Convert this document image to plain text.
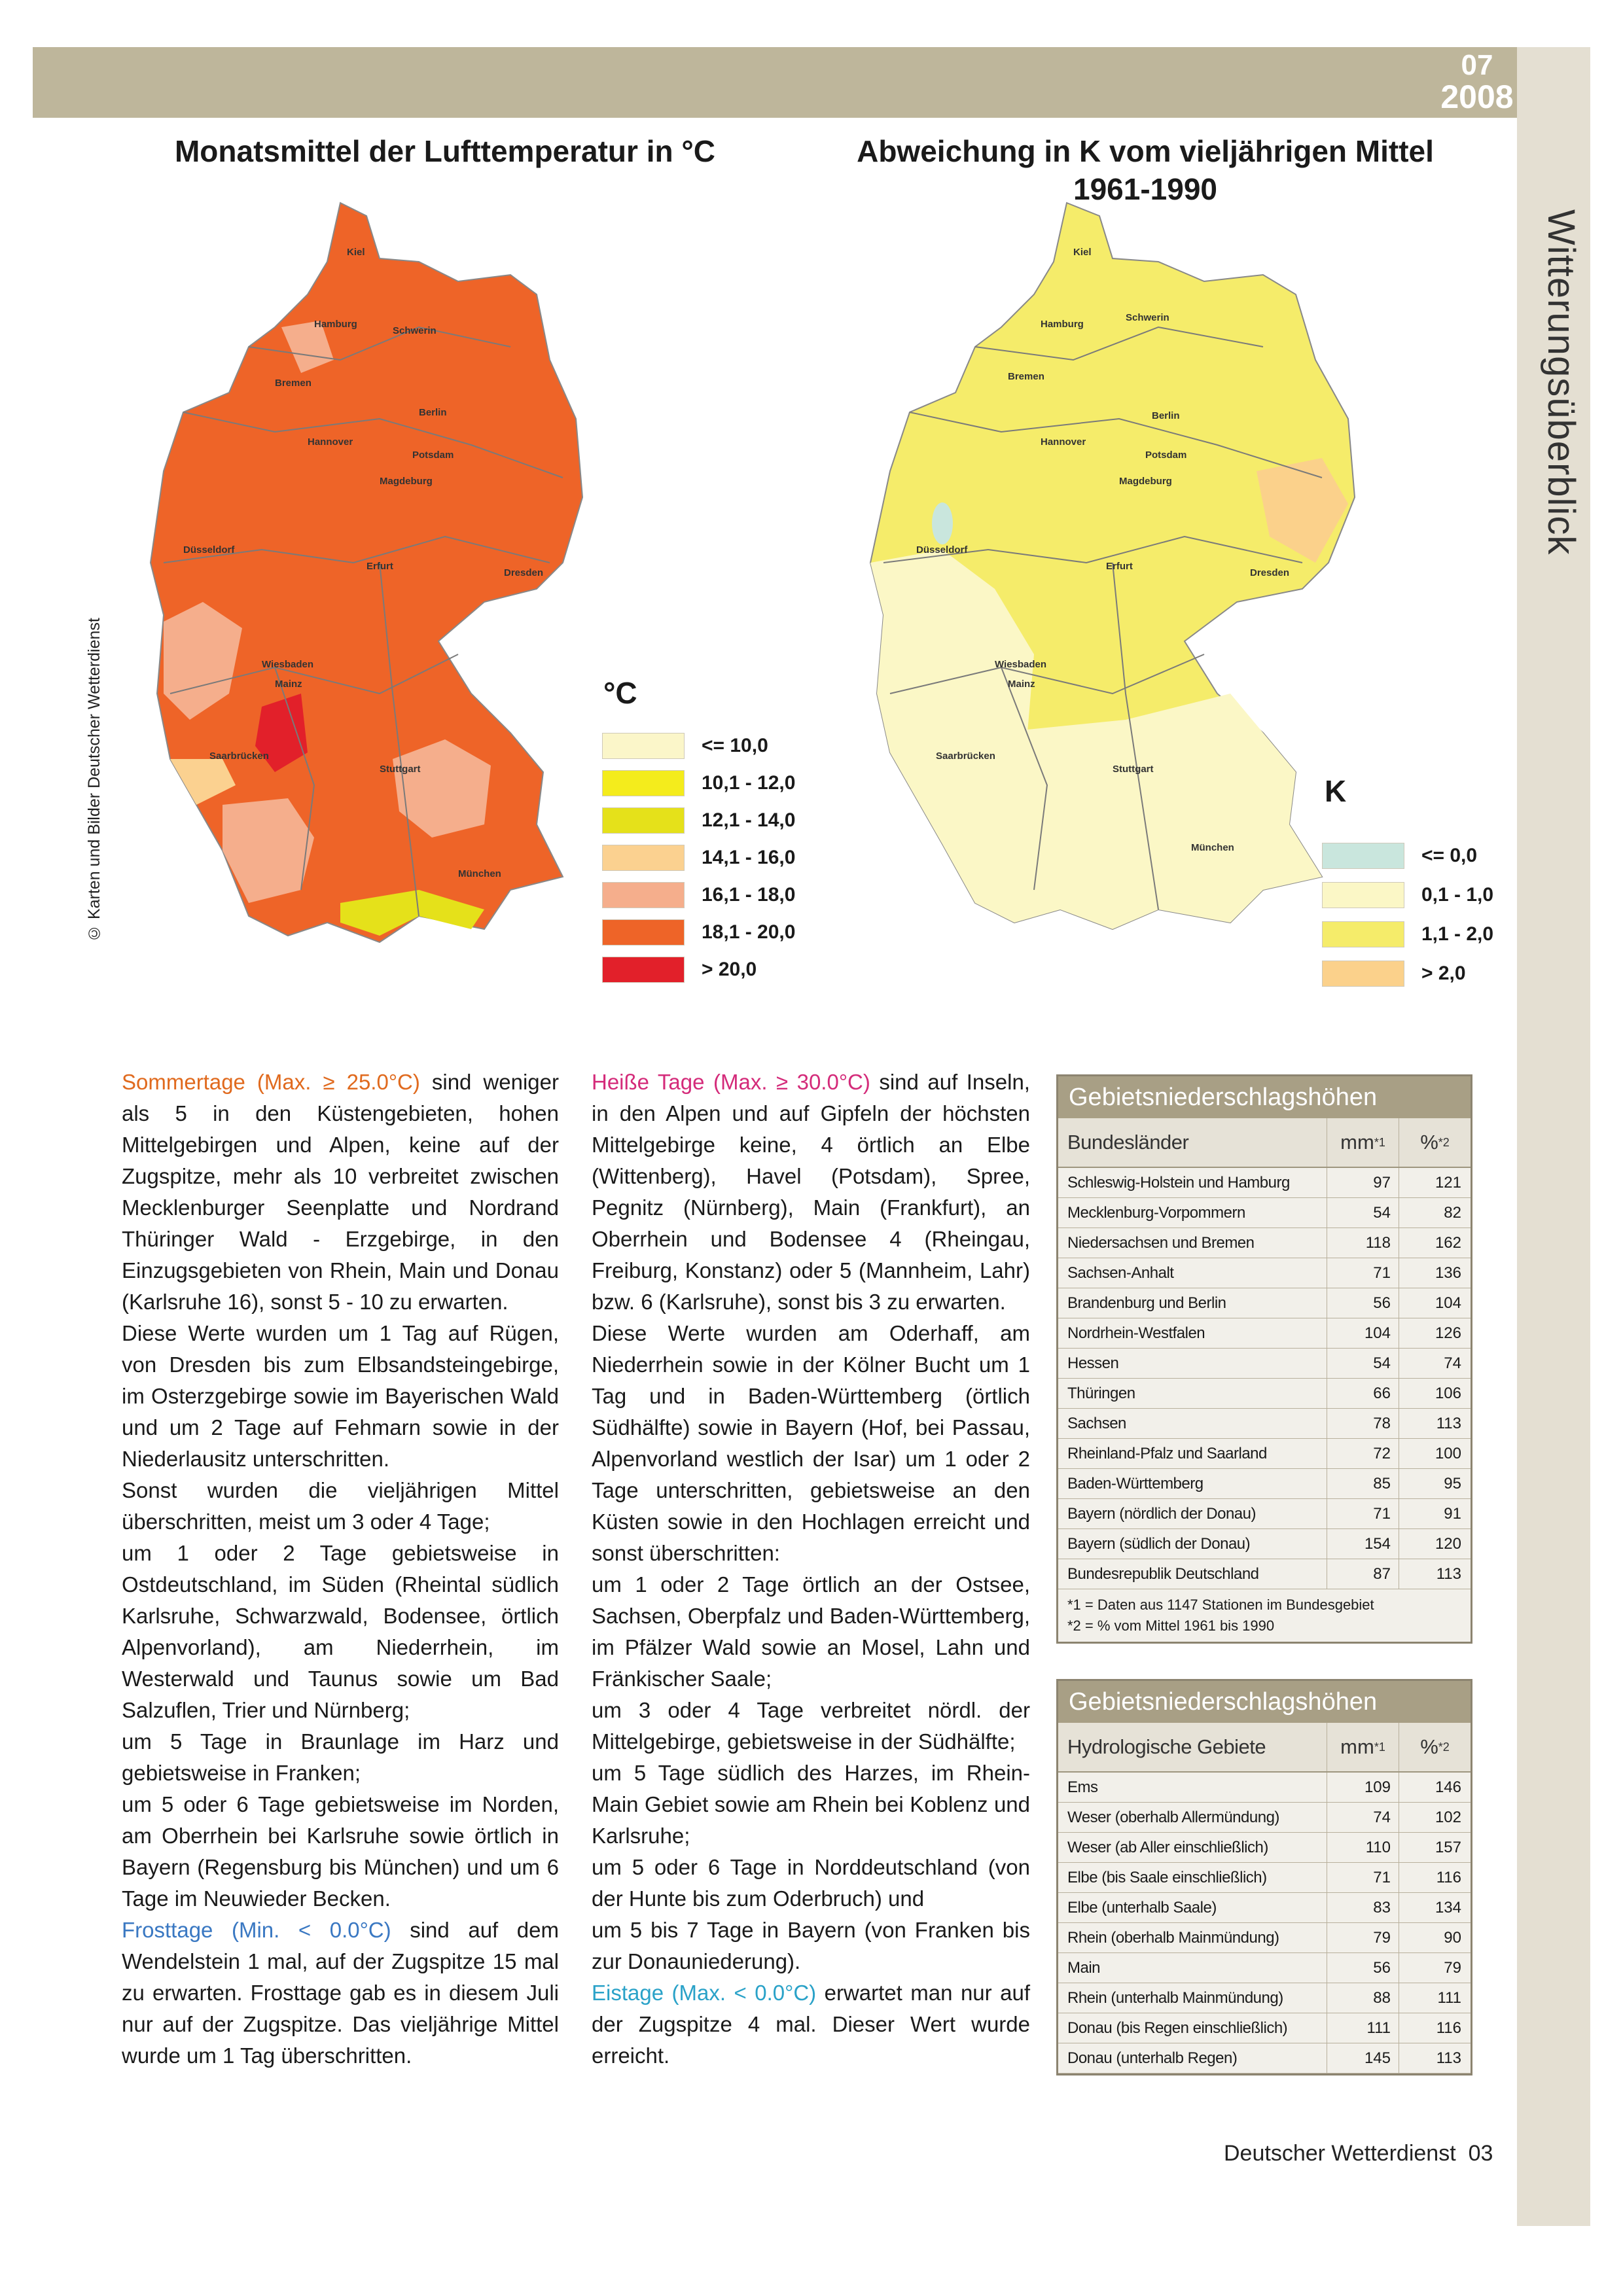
07
2008
Witterungsüberblick
© Karten und Bilder Deutscher Wetterdienst
Monatsmittel der Lufttemperatur in °C	Abweichung in K vom vieljährigen Mittel
1961-1990
Kiel
Hamburg
Schwerin
Bremen
Berlin
Hannover
Potsdam
Magdeburg
Düsseldorf
Erfurt
Dresden
Wiesbaden
Mainz
Saarbrücken
Stuttgart
München
°C
<= 10,0
10,1 - 12,0
12,1 - 14,0
14,1 - 16,0
16,1 - 18,0
18,1 - 20,0
> 20,0
Kiel
Hamburg
Schwerin
Bremen
Berlin
Hannover
Potsdam
Magdeburg
Düsseldorf
Erfurt
Dresden
Wiesbaden
Mainz
Saarbrücken
Stuttgart
München
K
<= 0,0
0,1 - 1,0
1,1 - 2,0
> 2,0

Sommertage (Max. ≥ 25.0°C) sind weniger als 5 in den Küstengebieten, hohen Mittelgebirgen und Alpen, keine auf der Zugspitze, mehr als 10 verbreitet zwischen Mecklenburger Seenplatte und Nordrand Thüringer Wald - Erzgebirge, in den Einzugsgebieten von Rhein, Main und Donau (Karlsruhe 16), sonst 5 - 10 zu erwarten.

Diese Werte wurden um 1 Tag auf Rügen, von Dresden bis zum Elbsandsteingebirge, im Osterzgebirge sowie im Bayerischen Wald und um 2 Tage auf Fehmarn sowie in der Niederlausitz unterschritten.

Sonst wurden die vieljährigen Mittel überschritten, meist um 3 oder 4 Tage;

um 1 oder 2 Tage gebietsweise in Ostdeutschland, im Süden (Rheintal südlich Karlsruhe, Schwarzwald, Bodensee, örtlich Alpenvorland), am Niederrhein, im Westerwald und Taunus sowie um Bad Salzuflen, Trier und Nürnberg;

um 5 Tage in Braunlage im Harz und gebietsweise in Franken;

um 5 oder 6 Tage gebietsweise im Norden, am Oberrhein bei Karlsruhe sowie örtlich in Bayern (Regensburg bis München) und um 6 Tage im Neuwieder Becken.

Frosttage (Min. < 0.0°C) sind auf dem Wendelstein 1 mal, auf der Zugspitze 15 mal zu erwarten. Frosttage gab es in diesem Juli nur auf der Zugspitze. Das vieljährige Mittel wurde um 1 Tag überschritten.

Heiße Tage (Max. ≥ 30.0°C) sind auf Inseln, in den Alpen und auf Gipfeln der höchsten Mittelgebirge keine, 4 örtlich an Elbe (Wittenberg), Havel (Potsdam), Spree, Pegnitz (Nürnberg), Main (Frankfurt), an Oberrhein und Bodensee 4 (Rheingau, Freiburg, Konstanz) oder 5 (Mannheim, Lahr) bzw. 6 (Karlsruhe), sonst bis 3 zu erwarten.

Diese Werte wurden am Oderhaff, am Niederrhein sowie in der Kölner Bucht um 1 Tag und in Baden-Württemberg (örtlich Südhälfte) sowie in Bayern (Hof, bei Passau, Alpenvorland westlich der Isar) um 1 oder 2 Tage unterschritten, gebietsweise an den Küsten sowie in den Hochlagen erreicht und sonst überschritten:

um 1 oder 2 Tage örtlich an der Ostsee, Sachsen, Oberpfalz und Baden-Württemberg, im Pfälzer Wald sowie an Mosel, Lahn und Fränkischer Saale;

um 3 oder 4 Tage verbreitet nördl. der Mittelgebirge, gebietsweise in der Südhälfte;

um 5 Tage südlich des Harzes, im Rhein-Main Gebiet sowie am Rhein bei Koblenz und Karlsruhe;

um 5 oder 6 Tage in Norddeutschland (von der Hunte bis zum Oderbruch) und

um 5 bis 7 Tage in Bayern (von Franken bis zur Donauniederung).

Eistage (Max. < 0.0°C) erwartet man nur auf der Zugspitze 4 mal. Dieser Wert wurde erreicht.

Gebietsniederschlagshöhen
Bundesländer	mm *1 % *2
Schleswig-Holstein und Hamburg	97	121
Mecklenburg-Vorpommern	54	82
Niedersachsen und Bremen	118	162
Sachsen-Anhalt	71	136
Brandenburg und Berlin	56	104
Nordrhein-Westfalen	104	126
Hessen	54	74
Thüringen	66	106
Sachsen	78	113
Rheinland-Pfalz und Saarland	72	100
Baden-Württemberg	85	95
Bayern (nördlich der Donau)	71	91
Bayern (südlich der Donau)	154	120
Bundesrepublik Deutschland	87	113
*1 = Daten aus 1147 Stationen im Bundesgebiet
*2 = % vom Mittel 1961 bis 1990
Gebietsniederschlagshöhen
Hydrologische Gebiete	mm *1 % *2
Ems	109	146
Weser (oberhalb Allermündung)	74	102
Weser (ab Aller einschließlich)	110	157
Elbe (bis Saale einschließlich)	71	116
Elbe (unterhalb Saale)	83	134
Rhein (oberhalb Mainmündung)	79	90
Main	56	79
Rhein (unterhalb Mainmündung)	88	111
Donau (bis Regen einschließlich)	111	116
Donau (unterhalb Regen)	145	113
Deutscher Wetterdienst 03
